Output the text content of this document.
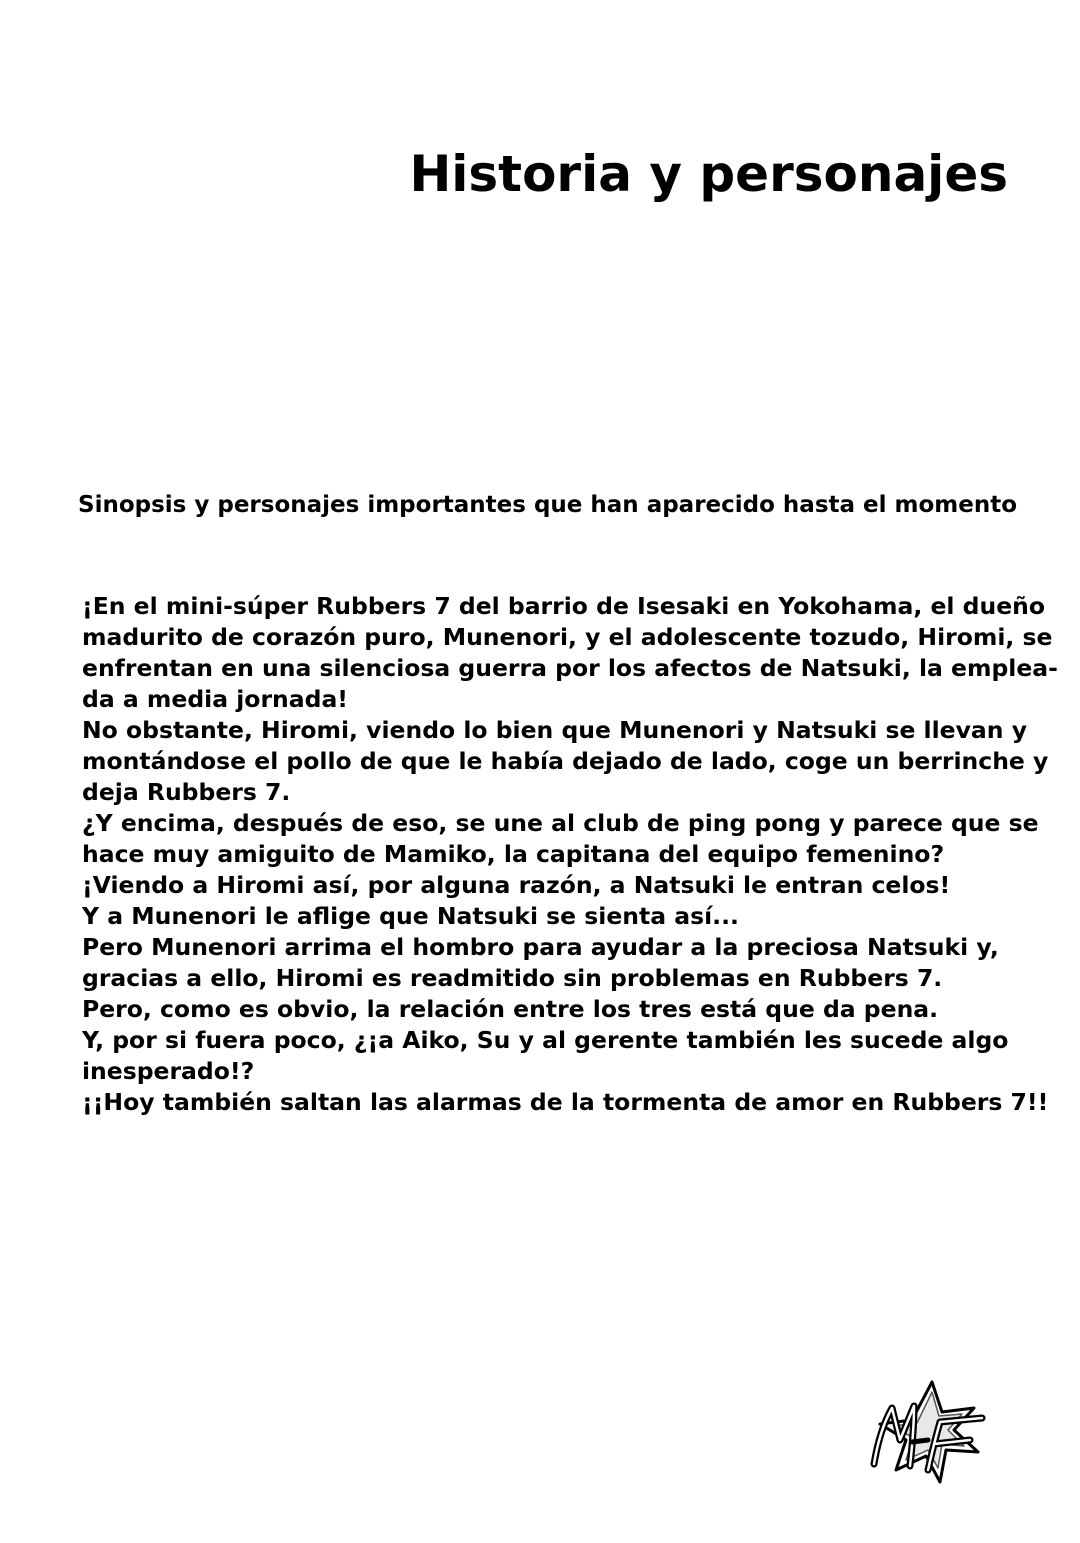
Historia y personajes
Sinopsis y personajes importantes que han aparecido hasta el momento
¡En el mini-súper Rubbers 7 del barrio de Isesaki en Yokohama, el dueño
madurito de corazón puro, Munenori, y el adolescente tozudo, Hiromi, se
enfrentan en una silenciosa guerra por los afectos de Natsuki, la emplea-
da a media jornada!
No obstante, Hiromi, viendo lo bien que Munenori y Natsuki se llevan y
montándose el pollo de que le había dejado de lado, coge un berrinche y
deja Rubbers 7.
¿Y encima, después de eso, se une al club de ping pong y parece que se
hace muy amiguito de Mamiko, la capitana del equipo femenino?
¡Viendo a Hiromi así, por alguna razón, a Natsuki le entran celos!
Y a Munenori le aflige que Natsuki se sienta así...
Pero Munenori arrima el hombro para ayudar a la preciosa Natsuki y,
gracias a ello, Hiromi es readmitido sin problemas en Rubbers 7.
Pero, como es obvio, la relación entre los tres está que da pena.
Y, por si fuera poco, ¿¡a Aiko, Su y al gerente también les sucede algo
inesperado!?
¡¡Hoy también saltan las alarmas de la tormenta de amor en Rubbers 7!!
